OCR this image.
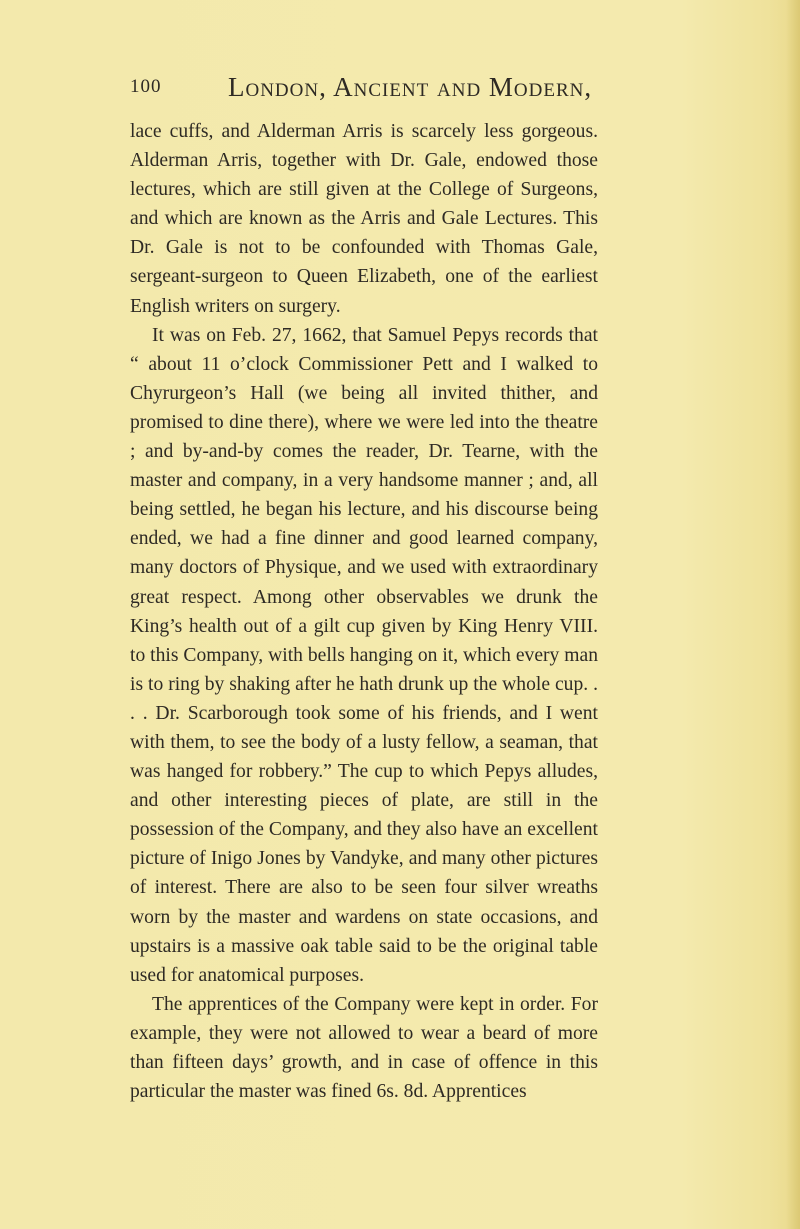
100 London, Ancient and Modern,

lace cuffs, and Alderman Arris is scarcely less gorgeous. Alderman Arris, together with Dr. Gale, endowed those lectures, which are still given at the College of Surgeons, and which are known as the Arris and Gale Lectures. This Dr. Gale is not to be confounded with Thomas Gale, sergeant-surgeon to Queen Elizabeth, one of the earliest English writers on surgery.

It was on Feb. 27, 1662, that Samuel Pepys records that “ about 11 o’clock Commissioner Pett and I walked to Chyrurgeon’s Hall (we being all invited thither, and promised to dine there), where we were led into the theatre ; and by-and-by comes the reader, Dr. Tearne, with the master and company, in a very handsome manner ; and, all being settled, he began his lecture, and his discourse being ended, we had a fine dinner and good learned company, many doctors of Physique, and we used with extraordinary great respect. Among other observables we drunk the King’s health out of a gilt cup given by King Henry VIII. to this Company, with bells hanging on it, which every man is to ring by shaking after he hath drunk up the whole cup. . . . Dr. Scarborough took some of his friends, and I went with them, to see the body of a lusty fellow, a seaman, that was hanged for robbery.” The cup to which Pepys alludes, and other interesting pieces of plate, are still in the possession of the Company, and they also have an excellent picture of Inigo Jones by Vandyke, and many other pictures of interest. There are also to be seen four silver wreaths worn by the master and wardens on state occasions, and upstairs is a massive oak table said to be the original table used for anatomical purposes.

The apprentices of the Company were kept in order. For example, they were not allowed to wear a beard of more than fifteen days’ growth, and in case of offence in this particular the master was fined 6s. 8d. Apprentices
